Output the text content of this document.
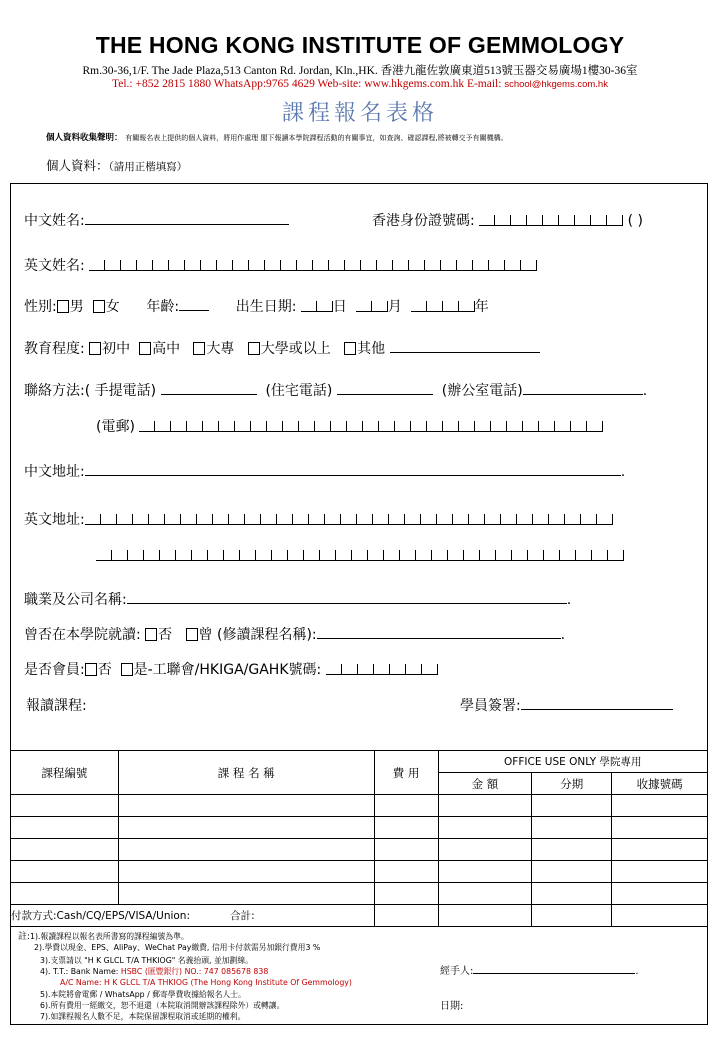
THE HONG KONG INSTITUTE OF GEMMOLOGY
Rm.30-36,1/F. The Jade Plaza,513 Canton Rd. Jordan, Kln.,HK. 香港九龍佐敦廣東道513號玉器交易廣場1樓30-36室
Tel.: +852 2815 1880 WhatsApp:9765 4629 Web-site: www.hkgems.com.hk E-mail: school@hkgems.com.hk
課程報名表格
個人資料收集聲明： 有關報名表上提供的個人資料，將用作處理 閣下報讀本學院課程活動的有關事宜，如查詢、確認課程,將被轉交予有關機構。
個人資料：（請用正楷填寫）
中文姓名:	香港身份證號碼:	( )
英文姓名:
性別: 男 女 年齡:	出生日期:	日	月	年
教育程度: 初中 高中 大專 大學或以上 其他
聯絡方法:( 手提電話)	(住宅電話)	(辦公室電話)	.
(電郵)
中文地址:	.
英文地址:
職業及公司名稱:	.
曾否在本學院就讀: 否 曾 (修讀課程名稱):	.
是否會員: 否 是-工聯會/HKIGA/GAHK號碼:
報讀課程:	學員簽署:
課程編號	課 程 名 稱	費 用	OFFICE USE ONLY 學院專用		
			金 額	分期	收據號碼

付款方式:Cash/CQ/EPS/VISA/Union: 合計:					
註:1).報讀課程以報名表所書寫的課程編號為準。
2).學費以現金、EPS、AliPay、WeChat Pay繳費, 信用卡付款需另加銀行費用3 %
3).支票請以 "H K GLCL T/A THKIOG" 名義抬頭, 並加劃線。
4). T.T.: Bank Name: HSBC (匯豐銀行) NO.: 747 085678 838
A/C Name: H K GLCL T/A THKIOG (The Hong Kong Institute Of Gemmology)
5).本院將會電郵 / WhatsApp / 郵寄學費收據給報名人士。
6).所有費用一經繳交，恕不退還（本院取消開辦該課程除外）或轉讓。
7).如課程報名人數不足，本院保留課程取消或延期的權利。
經手人:	.
日期:
